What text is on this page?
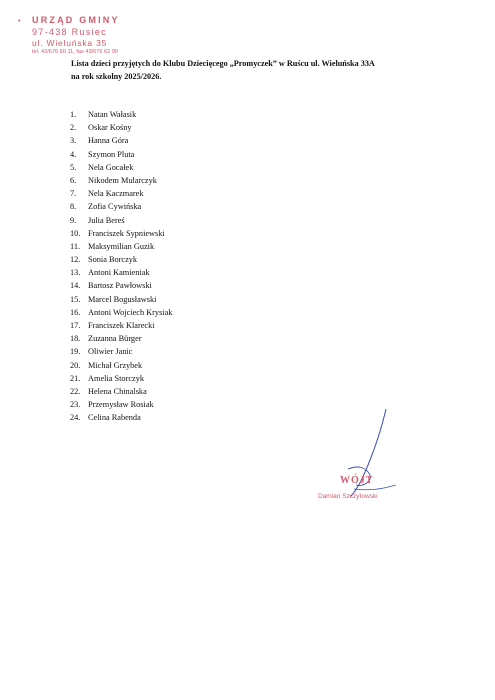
• URZĄD GMINY
97-438 Rusiec
ul. Wieluńska 35
tel. 43/676 60 11, fax 43/676 62 90
Lista dzieci przyjętych do Klubu Dziecięcego „Promyczek” w Ruścu ul. Wieluńska 33A
na rok szkolny 2025/2026.
1. Natan Wałasik
2. Oskar Kośny
3. Hanna Góra
4. Szymon Pluta
5. Nela Gocałek
6. Nikodem Mularczyk
7. Nela Kaczmarek
8. Zofia Cywińska
9. Julia Bereś
10. Franciszek Sypniewski
11. Maksymilian Guzik
12. Sonia Borczyk
13. Antoni Kamieniak
14. Bartosz Pawłowski
15. Marcel Bogusławski
16. Antoni Wojciech Krysiak
17. Franciszek Klarecki
18. Zuzanna Bürger
19. Oliwier Janic
20. Michał Grzybek
21. Amelia Storczyk
22. Helena Chinalska
23. Przemysław Rosiak
24. Celina Rabenda
WÓJT
Damian Szczytowski
